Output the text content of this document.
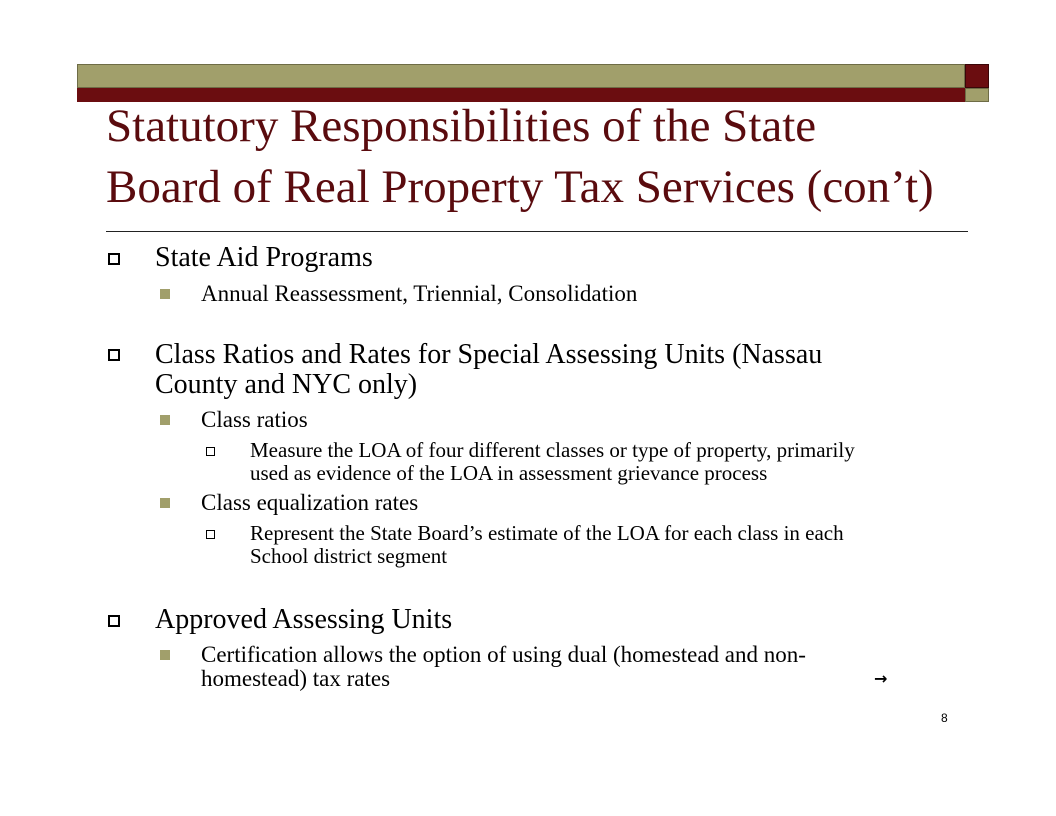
Statutory Responsibilities of the State
Board of Real Property Tax Services (con’t)
State Aid Programs
Annual Reassessment, Triennial, Consolidation
Class Ratios and Rates for Special Assessing Units (Nassau
County and NYC only)
Class ratios
Measure the LOA of four different classes or type of property, primarily
used as evidence of the LOA in assessment grievance process
Class equalization rates
Represent the State Board’s estimate of the LOA for each class in each
School district segment
Approved Assessing Units
Certification allows the option of using dual (homestead and non-
homestead) tax rates	→
8
